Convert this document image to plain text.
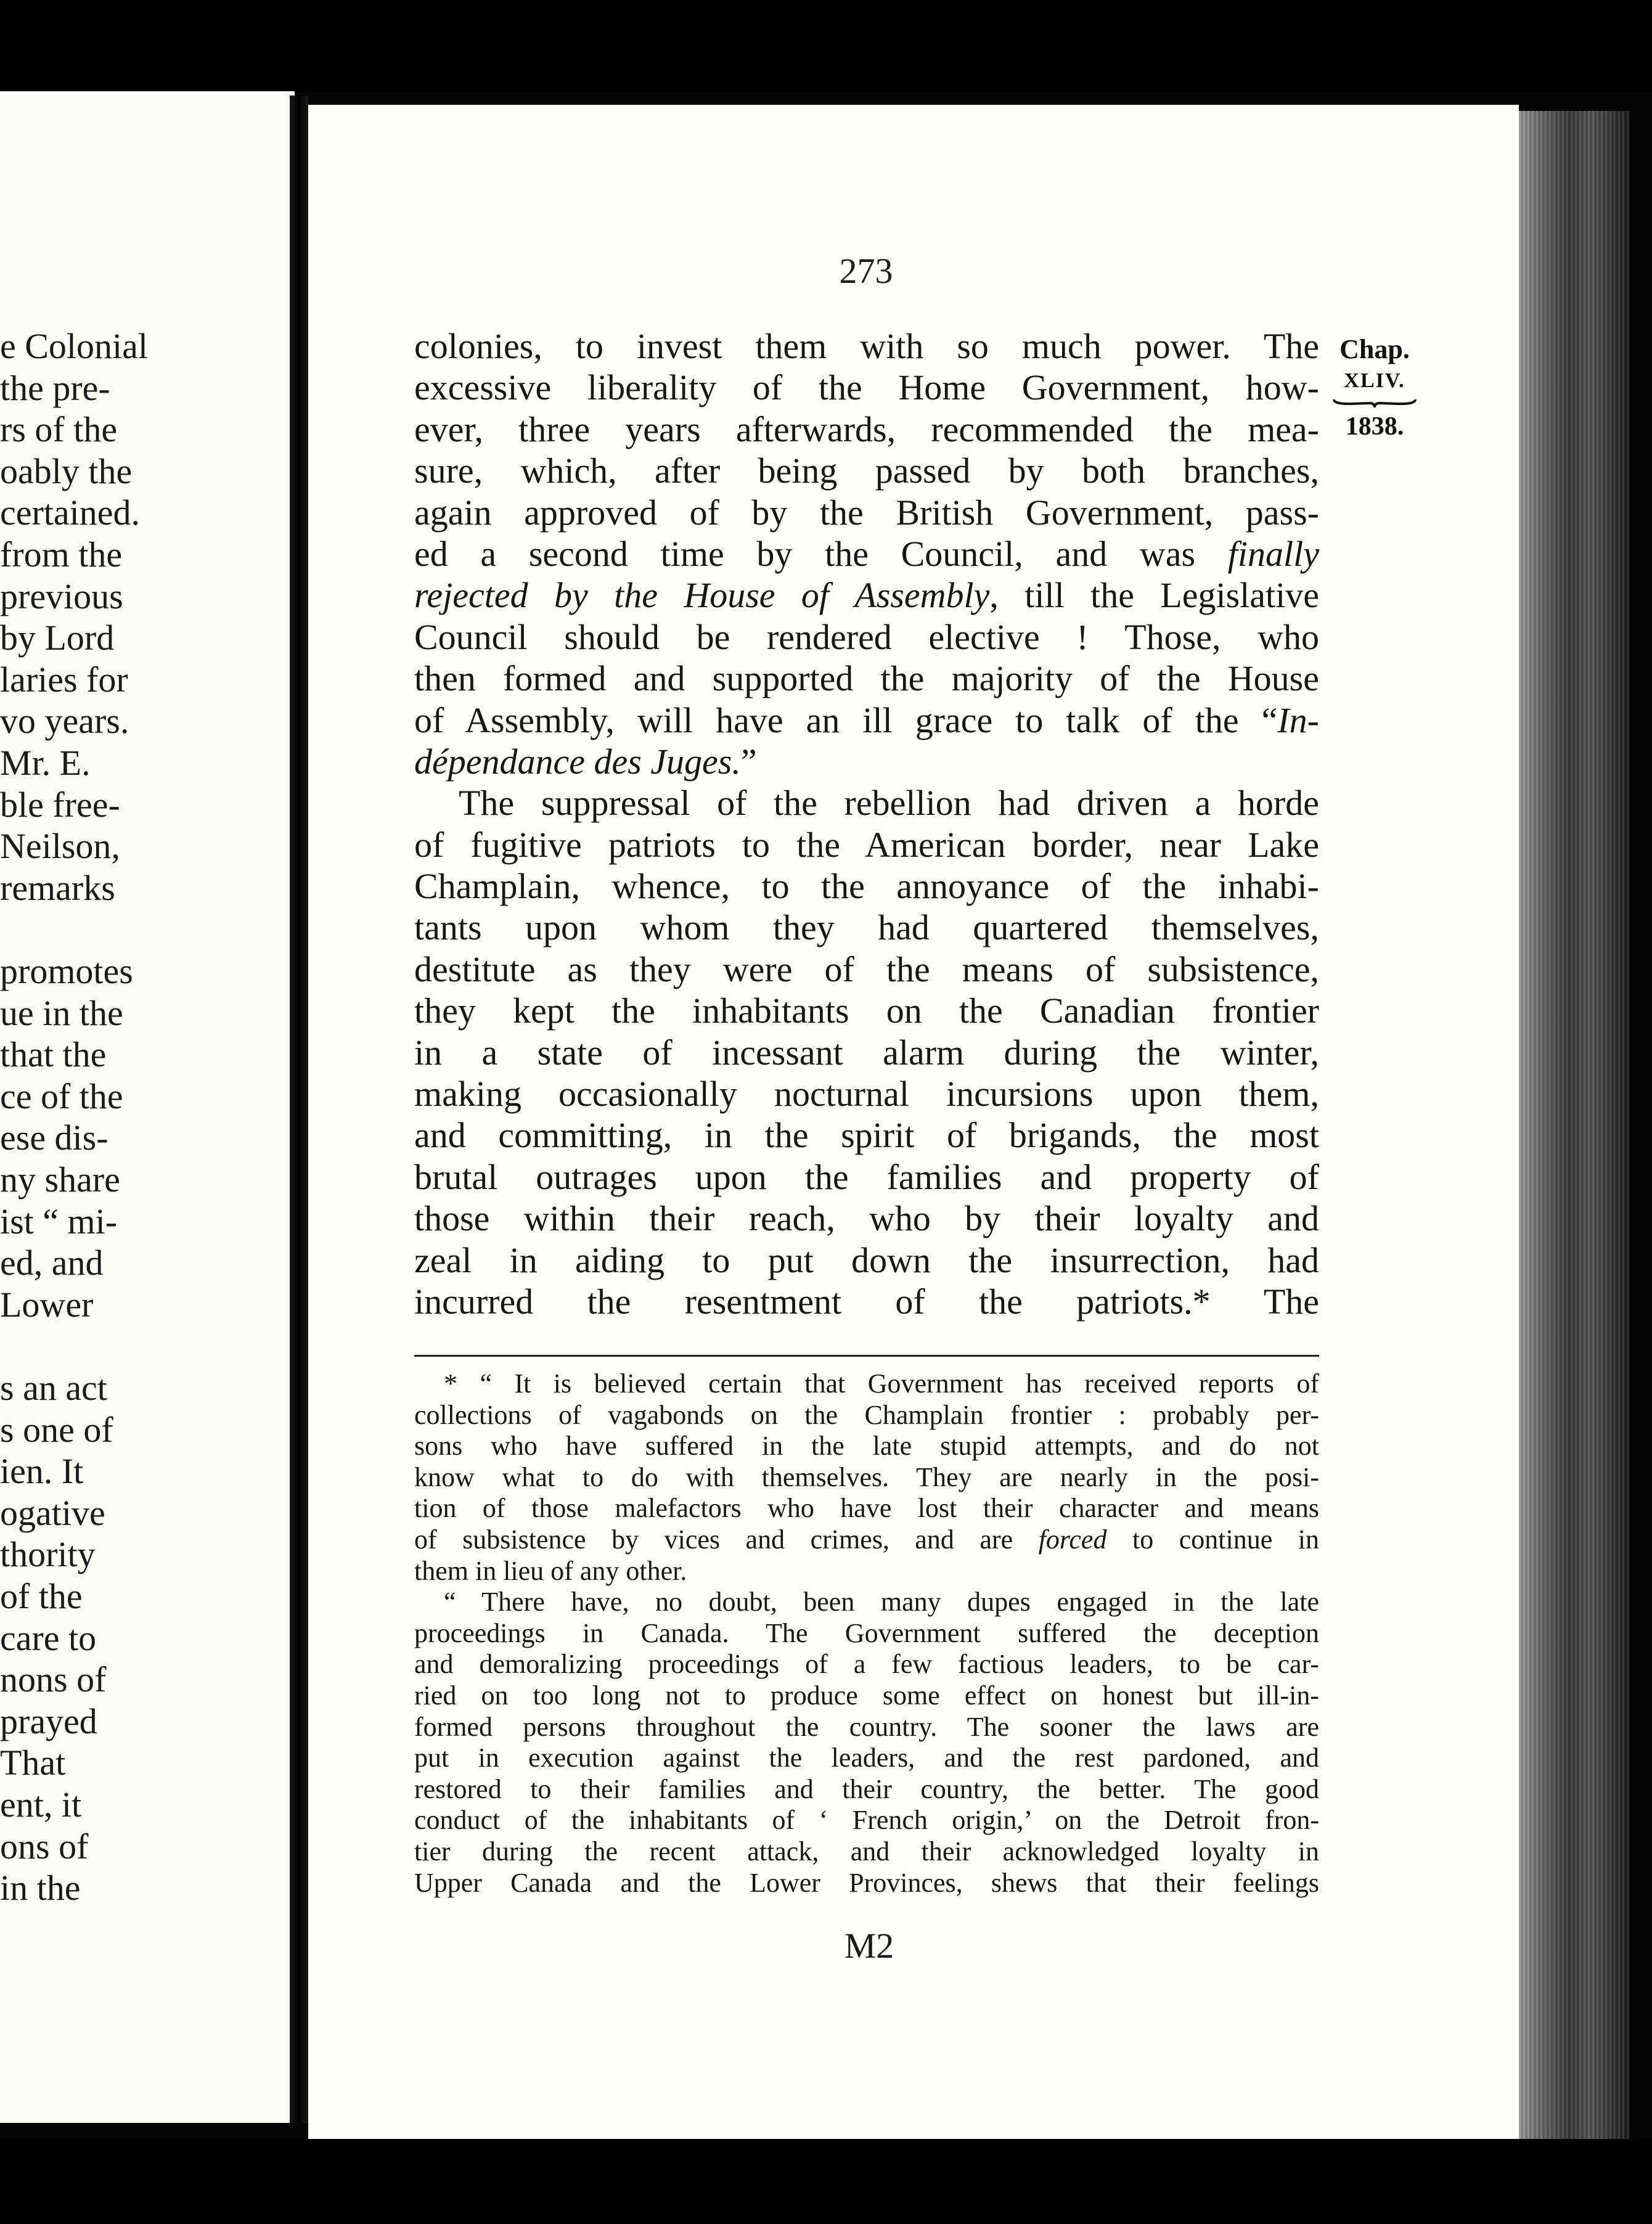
e Colonial
the pre-
rs of the
oably the
certained.
from the
previous
by Lord
laries for
vo years.
Mr. E.
ble free-
Neilson,
remarks
promotes
ue in the
that the
ce of the
ese dis-
ny share
ist “ mi-
ed, and
Lower
s an act
s one of
ien. It
ogative
thority
of the
care to
nons of
prayed
That
ent, it
ons of
in the
273
Chap.
XLIV.
1838.
colonies, to invest them with so much power. The
excessive liberality of the Home Government, how-
ever, three years afterwards, recommended the mea-
sure, which, after being passed by both branches,
again approved of by the British Government, pass-
ed a second time by the Council, and was finally
rejected by the House of Assembly, till the Legislative
Council should be rendered elective ! Those, who
then formed and supported the majority of the House
of Assembly, will have an ill grace to talk of the “In-
dépendance des Juges.”
The suppressal of the rebellion had driven a horde
of fugitive patriots to the American border, near Lake
Champlain, whence, to the annoyance of the inhabi-
tants upon whom they had quartered themselves,
destitute as they were of the means of subsistence,
they kept the inhabitants on the Canadian frontier
in a state of incessant alarm during the winter,
making occasionally nocturnal incursions upon them,
and committing, in the spirit of brigands, the most
brutal outrages upon the families and property of
those within their reach, who by their loyalty and
zeal in aiding to put down the insurrection, had
incurred the resentment of the patriots.* The
* “ It is believed certain that Government has received reports of
collections of vagabonds on the Champlain frontier : probably per-
sons who have suffered in the late stupid attempts, and do not
know what to do with themselves. They are nearly in the posi-
tion of those malefactors who have lost their character and means
of subsistence by vices and crimes, and are forced to continue in
them in lieu of any other.
“ There have, no doubt, been many dupes engaged in the late
proceedings in Canada. The Government suffered the deception
and demoralizing proceedings of a few factious leaders, to be car-
ried on too long not to produce some effect on honest but ill-in-
formed persons throughout the country. The sooner the laws are
put in execution against the leaders, and the rest pardoned, and
restored to their families and their country, the better. The good
conduct of the inhabitants of ‘ French origin,’ on the Detroit fron-
tier during the recent attack, and their acknowledged loyalty in
Upper Canada and the Lower Provinces, shews that their feelings
M2
